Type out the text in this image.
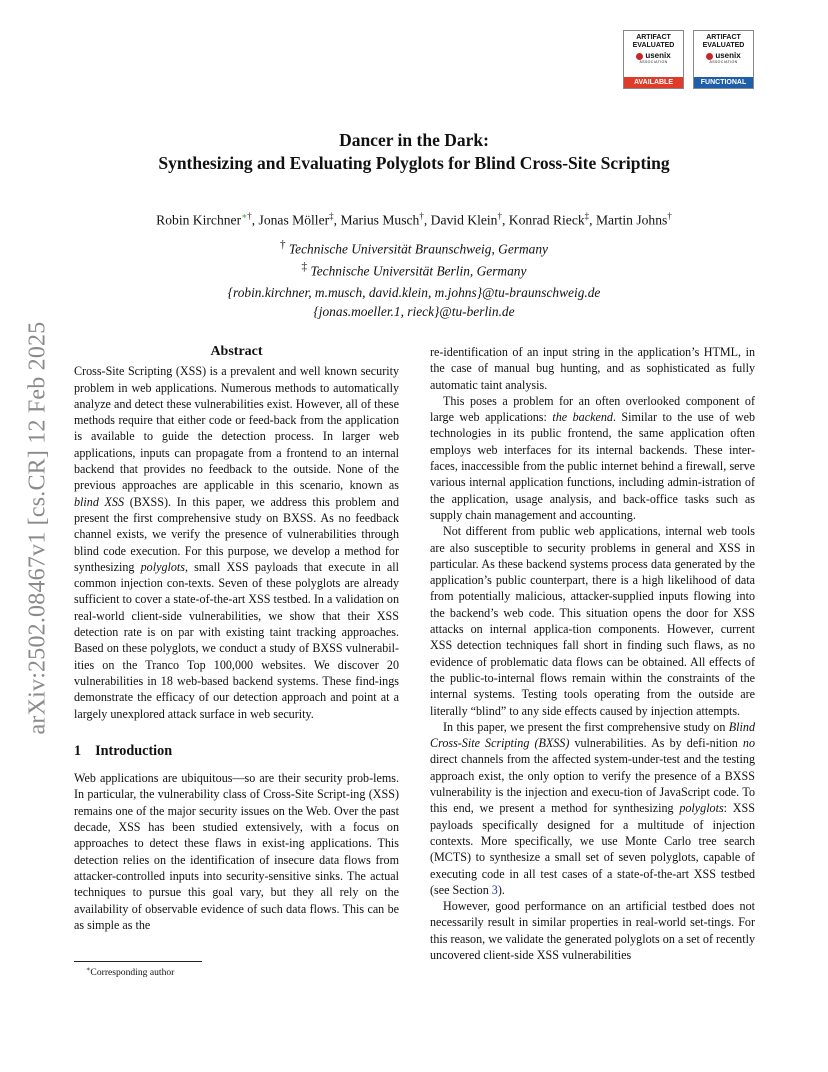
arXiv:2502.08467v1 [cs.CR] 12 Feb 2025
ARTIFACT
EVALUATED
usenix
ASSOCIATION
AVAILABLE
ARTIFACT
EVALUATED
usenix
ASSOCIATION
FUNCTIONAL
Dancer in the Dark:
Synthesizing and Evaluating Polyglots for Blind Cross-Site Scripting
Robin Kirchner∗†, Jonas Möller‡, Marius Musch†, David Klein†, Konrad Rieck‡, Martin Johns†
† Technische Universität Braunschweig, Germany
‡ Technische Universität Berlin, Germany
{robin.kirchner, m.musch, david.klein, m.johns}@tu-braunschweig.de
{jonas.moeller.1, rieck}@tu-berlin.de
Abstract

Cross-Site Scripting (XSS) is a prevalent and well known security problem in web applications. Numerous methods to automatically analyze and detect these vulnerabilities exist. However, all of these methods require that either code or feed-back from the application is available to guide the detection process. In larger web applications, inputs can propagate from a frontend to an internal backend that provides no feedback to the outside. None of the previous approaches are applicable in this scenario, known as blind XSS (BXSS). In this paper, we address this problem and present the first comprehensive study on BXSS. As no feedback channel exists, we verify the presence of vulnerabilities through blind code execution. For this purpose, we develop a method for synthesizing polyglots, small XSS payloads that execute in all common injection con-texts. Seven of these polyglots are already sufficient to cover a state-of-the-art XSS testbed. In a validation on real-world client-side vulnerabilities, we show that their XSS detection rate is on par with existing taint tracking approaches. Based on these polyglots, we conduct a study of BXSS vulnerabil-ities on the Tranco Top 100,000 websites. We discover 20 vulnerabilities in 18 web-based backend systems. These find-ings demonstrate the efficacy of our detection approach and point at a largely unexplored attack surface in web security.

1 Introduction

Web applications are ubiquitous—so are their security prob-lems. In particular, the vulnerability class of Cross-Site Script-ing (XSS) remains one of the major security issues on the Web. Over the past decade, XSS has been studied extensively, with a focus on approaches to detect these flaws in exist-ing applications. This detection relies on the identification of insecure data flows from attacker-controlled inputs into security-sensitive sinks. The actual techniques to pursue this goal vary, but they all rely on the availability of observable evidence of such data flows. This can be as simple as the

re-identification of an input string in the application’s HTML, in the case of manual bug hunting, and as sophisticated as fully automatic taint analysis.

This poses a problem for an often overlooked component of large web applications: the backend. Similar to the use of web technologies in its public frontend, the same application often employs web interfaces for its internal backends. These inter-faces, inaccessible from the public internet behind a firewall, serve various internal application functions, including admin-istration of the application, usage analysis, and back-office tasks such as supply chain management and accounting.

Not different from public web applications, internal web tools are also susceptible to security problems in general and XSS in particular. As these backend systems process data generated by the application’s public counterpart, there is a high likelihood of data from potentially malicious, attacker-supplied inputs flowing into the backend’s web code. This situation opens the door for XSS attacks on internal applica-tion components. However, current XSS detection techniques fall short in finding such flaws, as no evidence of problematic data flows can be obtained. All effects of the public-to-internal flows remain within the constraints of the internal systems. Testing tools operating from the outside are literally “blind” to any side effects caused by injection attempts.

In this paper, we present the first comprehensive study on Blind Cross-Site Scripting (BXSS) vulnerabilities. As by defi-nition no direct channels from the affected system-under-test and the testing approach exist, the only option to verify the presence of a BXSS vulnerability is the injection and execu-tion of JavaScript code. To this end, we present a method for synthesizing polyglots: XSS payloads specifically designed for a multitude of injection contexts. More specifically, we use Monte Carlo tree search (MCTS) to synthesize a small set of seven polyglots, capable of executing code in all test cases of a state-of-the-art XSS testbed (see Section 3).

However, good performance on an artificial testbed does not necessarily result in similar properties in real-world set-tings. For this reason, we validate the generated polyglots on a set of recently uncovered client-side XSS vulnerabilities

∗Corresponding author
